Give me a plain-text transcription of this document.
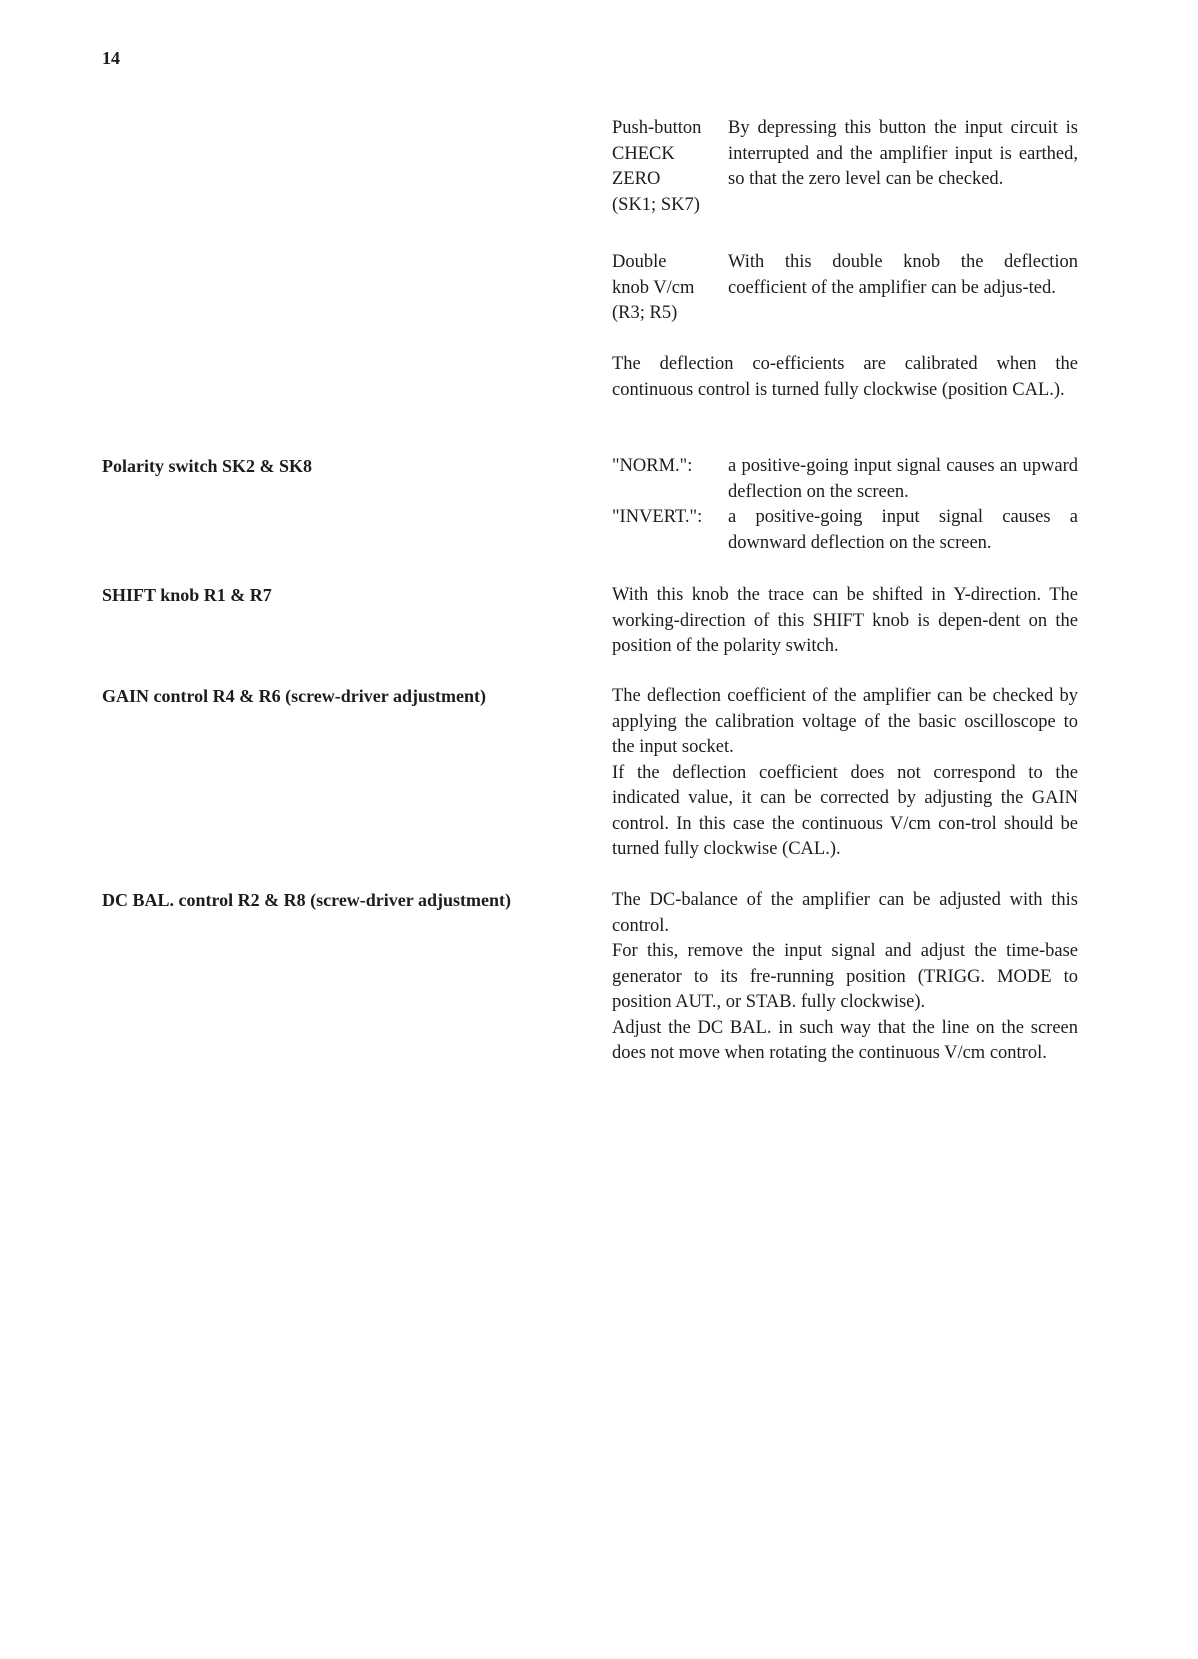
14
Push-button
CHECK
ZERO
(SK1; SK7)
By depressing this button the input circuit is interrupted and the amplifier input is earthed, so that the zero level can be checked.
Double
knob V/cm
(R3; R5)
With this double knob the deflection coefficient of the amplifier can be adjus-ted.
The deflection co-efficients are calibrated when the continuous control is turned fully clockwise (position CAL.).
Polarity switch SK2 & SK8	"NORM.":	a positive-going input signal causes an upward deflection on the screen.
"INVERT.":	a positive-going input signal causes a downward deflection on the screen.
SHIFT knob R1 & R7	With this knob the trace can be shifted in Y-direction. The working-direction of this SHIFT knob is depen-dent on the position of the polarity switch.
GAIN control R4 & R6 (screw-driver adjustment)	The deflection coefficient of the amplifier can be checked by applying the calibration voltage of the basic oscilloscope to the input socket.
If the deflection coefficient does not correspond to the indicated value, it can be corrected by adjusting the GAIN control. In this case the continuous V/cm con-trol should be turned fully clockwise (CAL.).
DC BAL. control R2 & R8 (screw-driver adjustment)	The DC-balance of the amplifier can be adjusted with this control.
For this, remove the input signal and adjust the time-base generator to its fre-running position (TRIGG. MODE to position AUT., or STAB. fully clockwise).
Adjust the DC BAL. in such way that the line on the screen does not move when rotating the continuous V/cm control.
